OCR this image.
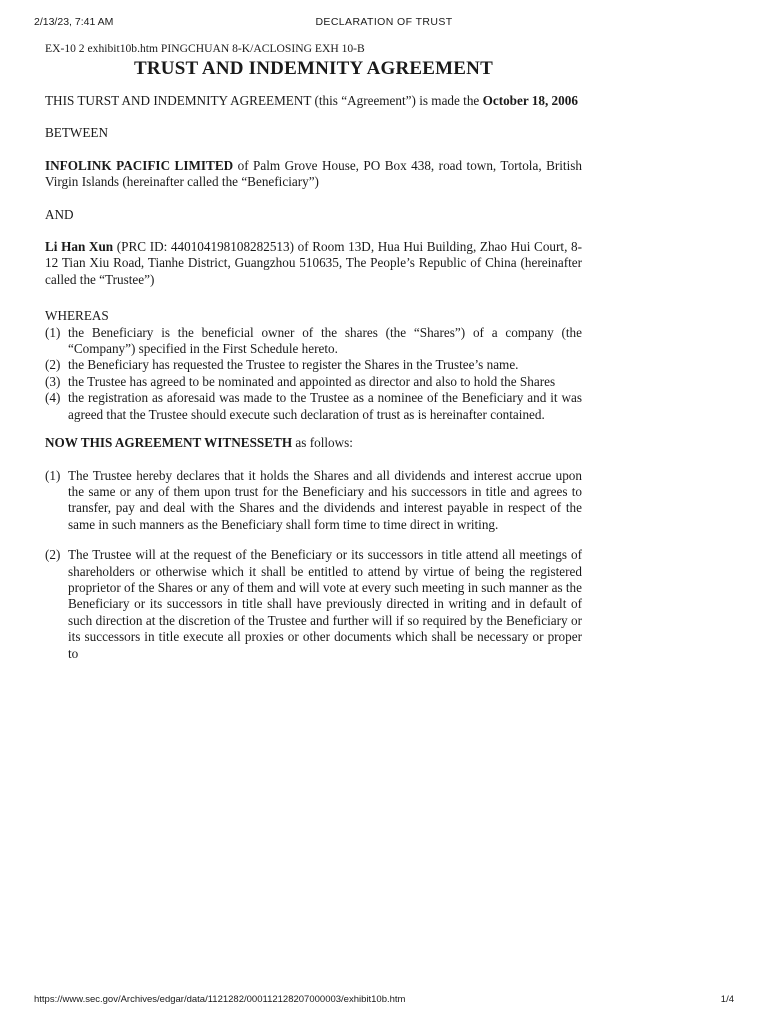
2/13/23, 7:41 AM	DECLARATION OF TRUST

EX-10 2 exhibit10b.htm PINGCHUAN 8-K/ACLOSING EXH 10-B

TRUST AND INDEMNITY AGREEMENT

THIS TURST AND INDEMNITY AGREEMENT (this “Agreement”) is made the October 18, 2006

BETWEEN

INFOLINK PACIFIC LIMITED of Palm Grove House, PO Box 438, road town, Tortola, British Virgin Islands (hereinafter called the “Beneficiary”)

AND

Li Han Xun (PRC ID: 440104198108282513) of Room 13D, Hua Hui Building, Zhao Hui Court, 8-12 Tian Xiu Road, Tianhe District, Guangzhou 510635, The People’s Republic of China (hereinafter called the “Trustee”)

WHEREAS

(1) the Beneficiary is the beneficial owner of the shares (the “Shares”) of a company (the “Company”) specified in the First Schedule hereto.
(2) the Beneficiary has requested the Trustee to register the Shares in the Trustee’s name.
(3) the Trustee has agreed to be nominated and appointed as director and also to hold the Shares
(4) the registration as aforesaid was made to the Trustee as a nominee of the Beneficiary and it was agreed that the Trustee should execute such declaration of trust as is hereinafter contained.

NOW THIS AGREEMENT WITNESSETH as follows:

(1) The Trustee hereby declares that it holds the Shares and all dividends and interest accrue upon the same or any of them upon trust for the Beneficiary and his successors in title and agrees to transfer, pay and deal with the Shares and the dividends and interest payable in respect of the same in such manners as the Beneficiary shall form time to time direct in writing.
(2) The Trustee will at the request of the Beneficiary or its successors in title attend all meetings of shareholders or otherwise which it shall be entitled to attend by virtue of being the registered proprietor of the Shares or any of them and will vote at every such meeting in such manner as the Beneficiary or its successors in title shall have previously directed in writing and in default of such direction at the discretion of the Trustee and further will if so required by the Beneficiary or its successors in title execute all proxies or other documents which shall be necessary or proper to
https://www.sec.gov/Archives/edgar/data/1121282/000112128207000003/exhibit10b.htm	1/4
